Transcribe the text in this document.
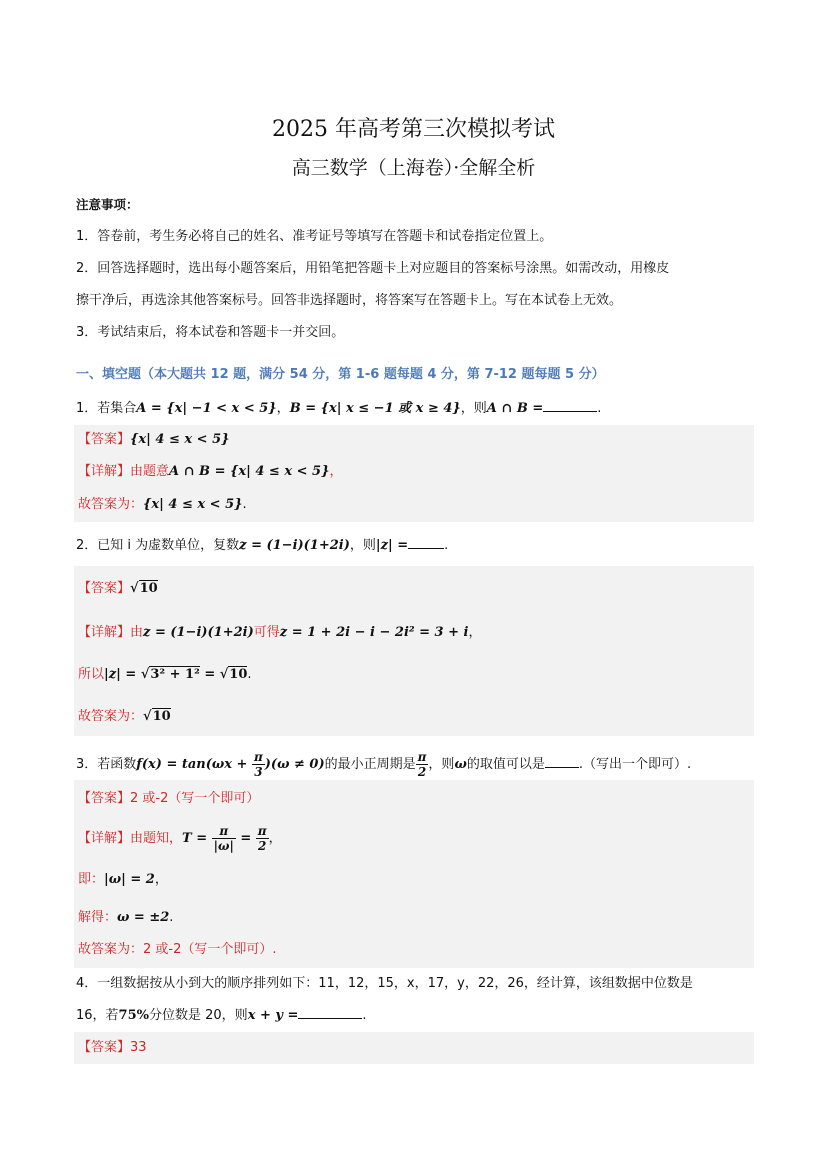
2025 年高考第三次模拟考试
高三数学（上海卷）·全解全析
注意事项：
1．答卷前，考生务必将自己的姓名、准考证号等填写在答题卡和试卷指定位置上。
2．回答选择题时，选出每小题答案后，用铅笔把答题卡上对应题目的答案标号涂黑。如需改动，用橡皮
擦干净后，再选涂其他答案标号。回答非选择题时，将答案写在答题卡上。写在本试卷上无效。
3．考试结束后，将本试卷和答题卡一并交回。
一、填空题（本大题共 12 题，满分 54 分，第 1-6 题每题 4 分，第 7-12 题每题 5 分）
1．若集合A = {x| −1 < x < 5}，B = {x| x ≤ −1 或 x ≥ 4}，则A ∩ B =	.
【答案】{x| 4 ≤ x < 5}
【详解】由题意A ∩ B = {x| 4 ≤ x < 5}，
故答案为：{x| 4 ≤ x < 5}.
2．已知 i 为虚数单位，复数z = (1−i)(1+2i)，则|z| =	.
【答案】√10
【详解】由z = (1−i)(1+2i)可得z = 1 + 2i − i − 2i² = 3 + i，
所以|z| = √3² + 1² = √10.
故答案为：√10
3．若函数$f(x) = \tan(\omega x + \frac{\pi}{3} )(\omega \ne 0)$的最小正周期是 $\frac{\pi}{2}$ ，则ω的取值可以是	.（写出一个即可）.
【答案】2 或-2（写一个即可）
【详解】由题知，$T = \frac{\pi}{|\omega|} = \frac{\pi}{2}$ ，
即：|ω| = 2，
解得：ω = ±2.
故答案为：2 或-2（写一个即可）.
4．一组数据按从小到大的顺序排列如下：11，12，15，x，17，y，22，26，经计算，该组数据中位数是
16，若75%分位数是 20，则x + y =	.
【答案】33
